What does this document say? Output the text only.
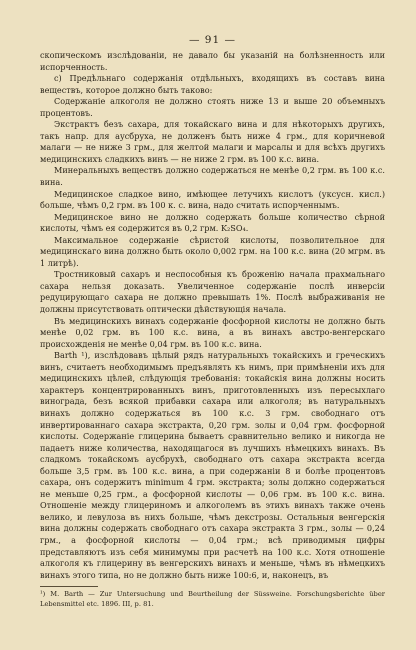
— 91 —

скопическомъ изслѣдованіи, не давало бы указаній на болѣзненность или испорченность.

с) Предѣльнаго содержанія отдѣльныхъ, входящихъ въ составъ вина веществъ, которое должно быть таково:

Содержаніе алкоголя не должно стоять ниже 13 и выше 20 объемныхъ процентовъ.

Экстрактъ безъ сахара, для токайскаго вина и для нѣкоторыхъ другихъ, такъ напр. для аусбруха, не долженъ быть ниже 4 грм., для коричневой малаги — не ниже 3 грм., для желтой малаги и марсалы и для всѣхъ другихъ медицинскихъ сладкихъ винъ — не ниже 2 грм. въ 100 к.с. вина.

Минеральныхъ веществъ должно содержаться не менѣе 0,2 грм. въ 100 к.с. вина.

Медицинское сладкое вино, имѣющее летучихъ кислотъ (уксусн. кисл.) больше, чѣмъ 0,2 грм. въ 100 к. с. вина, надо считать испорченнымъ.

Медицинское вино не должно содержать больше количество сѣрной кислоты, чѣмъ ея содержится въ 0,2 грм. K₂SO₄.

Максимальное содержаніе сѣристой кислоты, позволительное для медицинскаго вина должно быть около 0,002 грм. на 100 к.с. вина (20 мгрм. въ 1 литрѣ).

Тростниковый сахаръ и неспособныя къ броженію начала прахмальнаго сахара нельзя доказать. Увеличенное содержаніе послѣ инверсіи редуцирующаго сахара не должно превышать 1%. Послѣ выбраживанія не должны присутствовать оптически дѣйствующія начала.

Въ медицинскихъ винахъ содержаніе фосфорной кислоты не должно быть менѣе 0,02 грм. въ 100 к.с. вина, а въ винахъ австро-венгерскаго происхожденія не менѣе 0,04 грм. въ 100 к.с. вина.

Barth ¹), изслѣдовавъ цѣлый рядъ натуральныхъ токайскихъ и греческихъ винъ, считаетъ необходимымъ предъявлять къ нимъ, при примѣненіи ихъ для медицинскихъ цѣлей, слѣдующія требованія: токайскія вина должны носить характеръ концентрированныхъ винъ, приготовленныхъ изъ пересыхлаго винограда, безъ всякой прибавки сахара или алкоголя; въ натуральныхъ винахъ должно содержаться въ 100 к.с. 3 грм. свободнаго отъ инвертированнаго сахара экстракта, 0,20 грм. золы и 0,04 грм. фосфорной кислоты. Содержаніе глицерина бываетъ сравнительно велико и никогда не падаетъ ниже количества, находящагося въ лучшихъ нѣмецкихъ винахъ. Въ сладкомъ токайскомъ аусбрухѣ, свободнаго отъ сахара экстракта всегда больше 3,5 грм. въ 100 к.с. вина, а при содержаніи 8 и болѣе процентовъ сахара, онъ содержитъ minimum 4 грм. экстракта; золы должно содержаться не меньше 0,25 грм., а фосфорной кислоты — 0,06 грм. въ 100 к.с. вина. Отношеніе между глицериномъ и алкоголемъ въ этихъ винахъ также очень велико, и левулоза въ нихъ больше, чѣмъ декстрозы. Остальныя венгерскія вина должны содержать свободнаго отъ сахара экстракта 3 грм., золы — 0,24 грм., а фосфорной кислоты — 0,04 грм.; всѣ приводимыя цифры представляютъ изъ себя минимумы при расчетѣ на 100 к.с. Хотя отношеніе алкоголя къ глицерину въ венгерскихъ винахъ и меньше, чѣмъ въ нѣмецкихъ винахъ этого типа, но не должно быть ниже 100:6, и, наконецъ, въ

¹) M. Barth — Zur Untersuchung und Beurtheilung der Süssweine. Forschungsberichte über Lebensmittel etc. 1896. III, p. 81.
